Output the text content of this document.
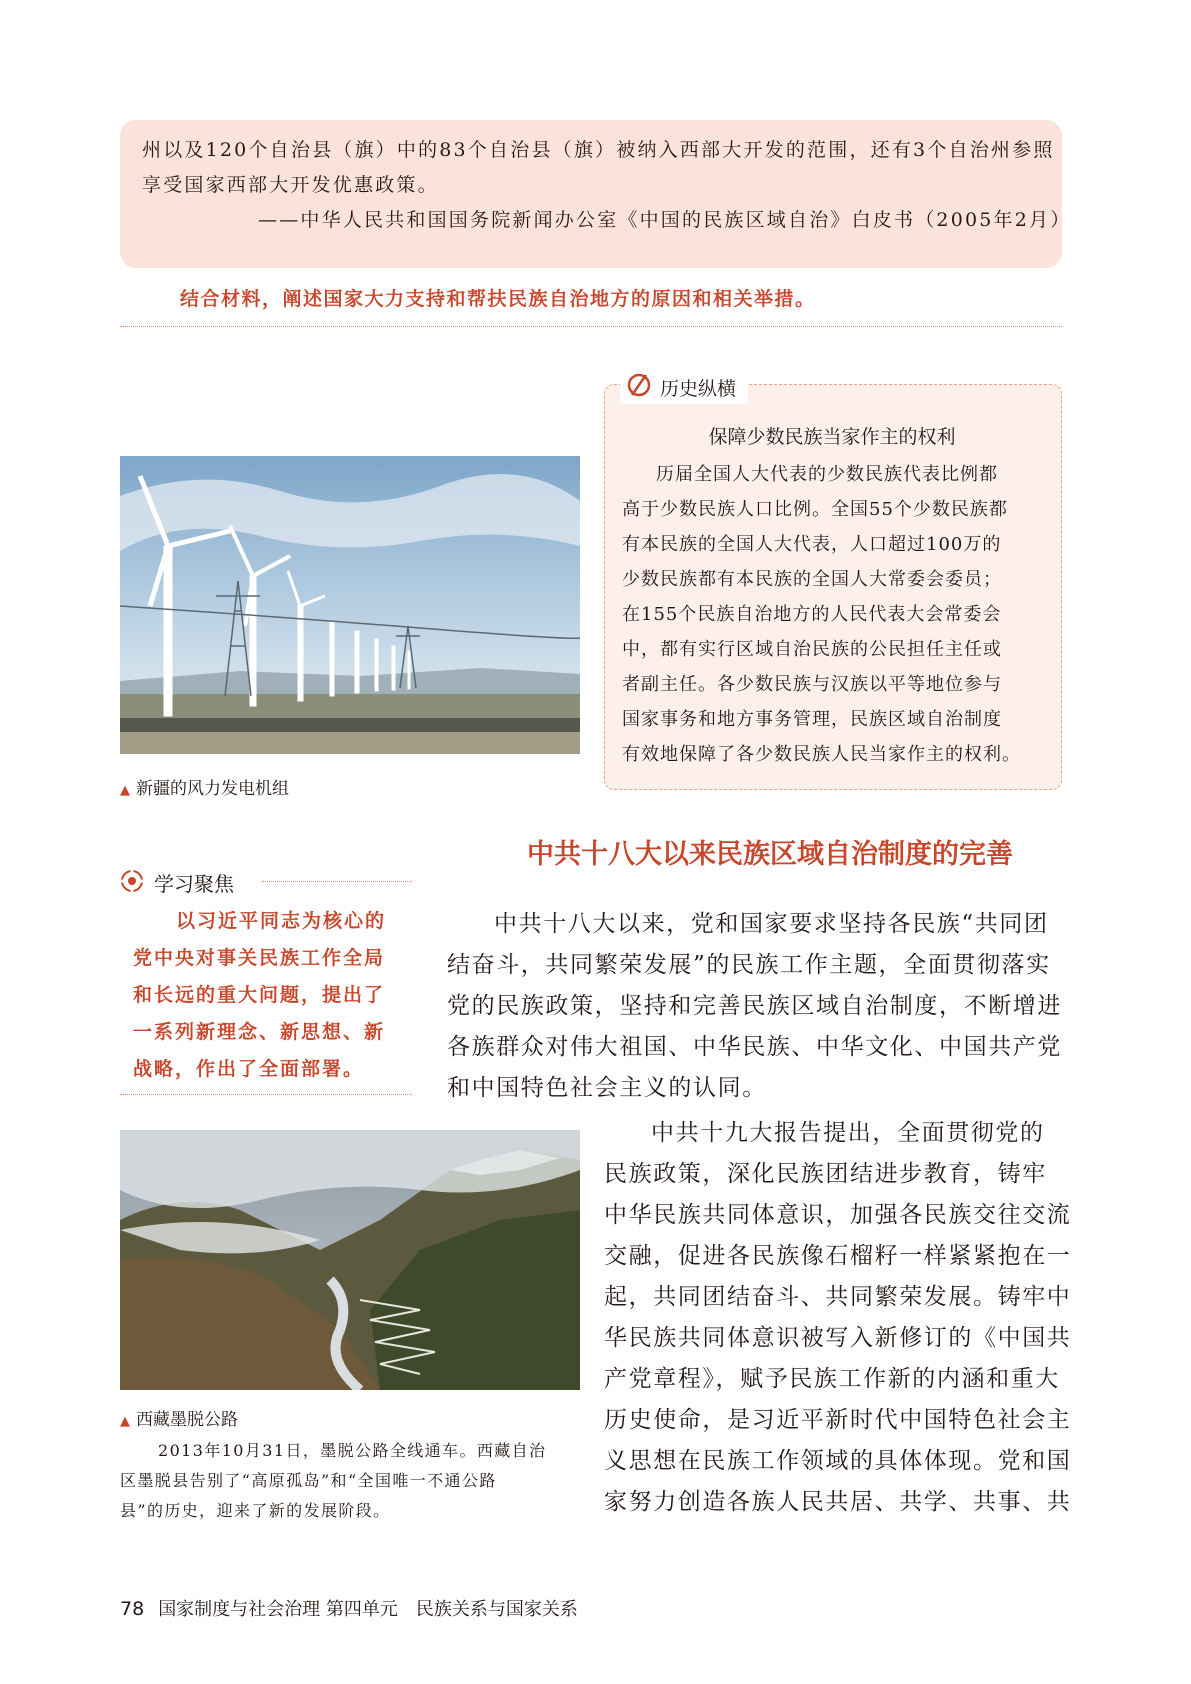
州以及120个自治县（旗）中的83个自治县（旗）被纳入西部大开发的范围，还有3个自治州参照
享受国家西部大开发优惠政策。
——中华人民共和国国务院新闻办公室《中国的民族区域自治》白皮书（2005年2月）
结合材料，阐述国家大力支持和帮扶民族自治地方的原因和相关举措。
历史纵横
保障少数民族当家作主的权利
历届全国人大代表的少数民族代表比例都
高于少数民族人口比例。全国55个少数民族都
有本民族的全国人大代表，人口超过100万的
少数民族都有本民族的全国人大常委会委员；
在155个民族自治地方的人民代表大会常委会
中，都有实行区域自治民族的公民担任主任或
者副主任。各少数民族与汉族以平等地位参与
国家事务和地方事务管理，民族区域自治制度
有效地保障了各少数民族人民当家作主的权利。
▲ 新疆的风力发电机组
中共十八大以来民族区域自治制度的完善
学习聚焦
以习近平同志为核心的
党中央对事关民族工作全局
和长远的重大问题，提出了
一系列新理念、新思想、新
战略，作出了全面部署。
中共十八大以来，党和国家要求坚持各民族“共同团
结奋斗，共同繁荣发展”的民族工作主题，全面贯彻落实
党的民族政策，坚持和完善民族区域自治制度，不断增进
各族群众对伟大祖国、中华民族、中华文化、中国共产党
和中国特色社会主义的认同。
中共十九大报告提出，全面贯彻党的
民族政策，深化民族团结进步教育，铸牢
中华民族共同体意识，加强各民族交往交流
交融，促进各民族像石榴籽一样紧紧抱在一
起，共同团结奋斗、共同繁荣发展。铸牢中
华民族共同体意识被写入新修订的《中国共
产党章程》，赋予民族工作新的内涵和重大
历史使命，是习近平新时代中国特色社会主
义思想在民族工作领域的具体体现。党和国
家努力创造各族人民共居、共学、共事、共
▲ 西藏墨脱公路
2013年10月31日，墨脱公路全线通车。西藏自治
区墨脱县告别了“高原孤岛”和“全国唯一不通公路
县”的历史，迎来了新的发展阶段。
78 国家制度与社会治理 第四单元　民族关系与国家关系
